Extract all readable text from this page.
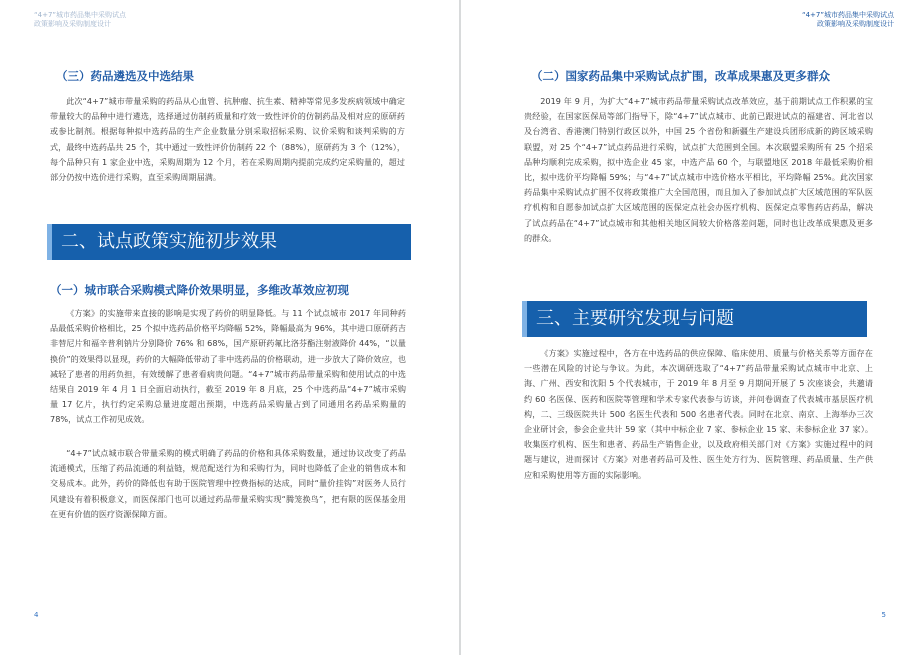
“4+7”城市药品集中采购试点
政策影响及采购制度设计
（三）药品遴选及中选结果
此次“4+7”城市带量采购的药品从心血管、抗肿瘤、抗生素、精神等常见多发疾病领域中确定带量较大的品种中进行遴选，选择通过仿制药质量和疗效一致性评价的仿制药品及相对应的原研药或参比制剂。根据每种拟中选药品的生产企业数量分别采取招标采购、议价采购和谈判采购的方式，最终中选药品共 25 个，其中通过一致性评价仿制药 22 个（88%），原研药为 3 个（12%），每个品种只有 1 家企业中选，采购周期为 12 个月，若在采购周期内提前完成约定采购量的，超过部分仍按中选价进行采购，直至采购周期届满。
二、试点政策实施初步效果
（一）城市联合采购模式降价效果明显，多维改革效应初现
《方案》的实施带来直接的影响是实现了药价的明显降低。与 11 个试点城市 2017 年同种药品最低采购价格相比，25 个拟中选药品价格平均降幅 52%，降幅最高为 96%，其中进口原研药吉非替尼片和福辛普利钠片分别降价 76% 和 68%，国产原研药氟比洛芬酯注射液降价 44%，“以量换价”的效果得以显现，药价的大幅降低带动了非中选药品的价格联动，进一步放大了降价效应，也减轻了患者的用药负担，有效缓解了患者看病贵问题。“4+7”城市药品带量采购和使用试点的中选结果自 2019 年 4 月 1 日全面启动执行，截至 2019 年 8 月底，25 个中选药品“4+7”城市采购量 17 亿片，执行约定采购总量进度超出预期，中选药品采购量占到了同通用名药品采购量的 78%，试点工作初见成效。
“4+7”试点城市联合带量采购的模式明确了药品的价格和具体采购数量，通过协议改变了药品流通模式，压缩了药品流通的利益链，规范配送行为和采购行为，同时也降低了企业的销售成本和交易成本。此外，药价的降低也有助于医院管理中控费指标的达成，同时“量价挂钩”对医务人员行风建设有着积极意义，而医保部门也可以通过药品带量采购实现“腾笼换鸟”，把有限的医保基金用在更有价值的医疗资源保障方面。
4
“4+7”城市药品集中采购试点
政策影响及采购制度设计
（二）国家药品集中采购试点扩围，改革成果惠及更多群众
2019 年 9 月，为扩大“4+7”城市药品带量采购试点改革效应，基于前期试点工作积累的宝贵经验，在国家医保局等部门指导下，除“4+7”试点城市、此前已跟进试点的福建省、河北省以及台湾省、香港澳门特别行政区以外，中国 25 个省份和新疆生产建设兵团形成新的跨区域采购联盟，对 25 个“4+7”试点药品进行采购，试点扩大范围到全国。本次联盟采购所有 25 个招采品种均顺利完成采购，拟中选企业 45 家，中选产品 60 个，与联盟地区 2018 年最低采购价相比，拟中选价平均降幅 59%；与“4+7”试点城市中选价格水平相比，平均降幅 25%。此次国家药品集中采购试点扩围不仅将政策推广大全国范围，而且加入了参加试点扩大区域范围的军队医疗机构和自愿参加试点扩大区域范围的医保定点社会办医疗机构、医保定点零售药店药品，解决了试点药品在“4+7”试点城市和其他相关地区间较大价格落差问题，同时也让改革成果惠及更多的群众。
三、主要研究发现与问题
《方案》实施过程中，各方在中选药品的供应保障、临床使用、质量与价格关系等方面存在一些潜在风险的讨论与争议。为此，本次调研选取了“4+7”药品带量采购试点城市中北京、上海、广州、西安和沈阳 5 个代表城市，于 2019 年 8 月至 9 月期间开展了 5 次座谈会，共邀请约 60 名医保、医药和医院等管理和学术专家代表参与访谈，并问卷调查了代表城市基层医疗机构，二、三级医院共计 500 名医生代表和 500 名患者代表。同时在北京、南京、上海举办三次企业研讨会，参会企业共计 59 家（其中中标企业 7 家、参标企业 15 家、未参标企业 37 家）。收集医疗机构、医生和患者、药品生产销售企业，以及政府相关部门对《方案》实施过程中的问题与建议，进而探讨《方案》对患者药品可及性、医生处方行为、医院管理、药品质量、生产供应和采购使用等方面的实际影响。
5
